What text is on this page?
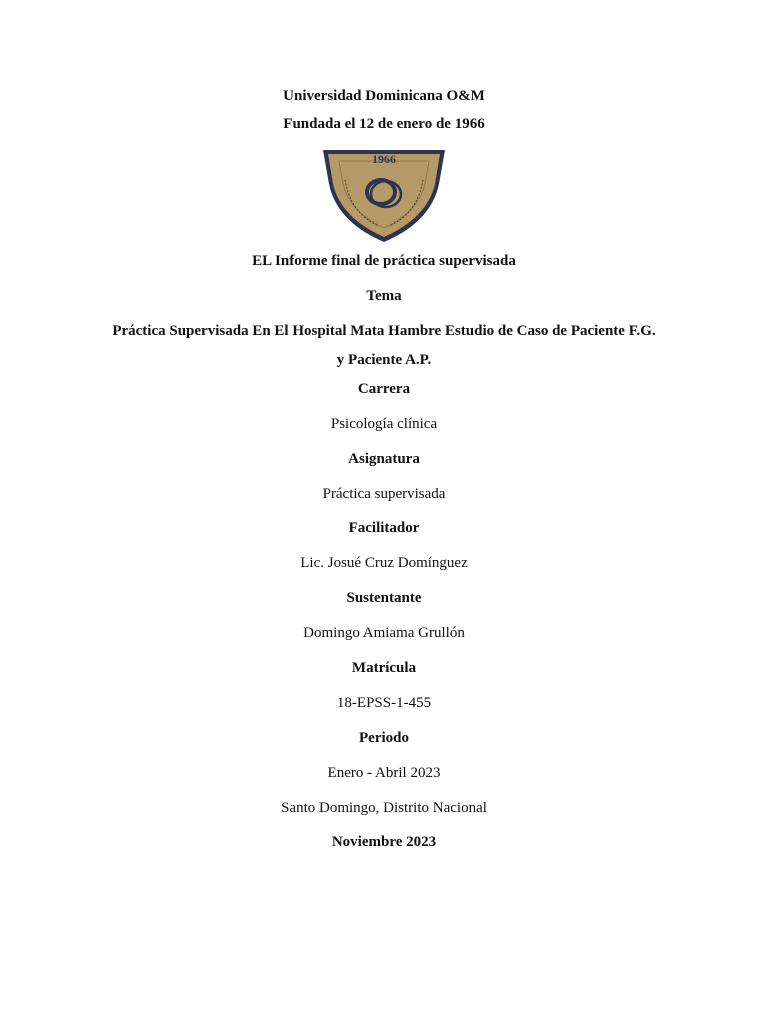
Universidad Dominicana O&M
Fundada el 12 de enero de 1966
1966
EL Informe final de práctica supervisada
Tema
Práctica Supervisada En El Hospital Mata Hambre Estudio de Caso de Paciente F.G.
y Paciente A.P.
Carrera
Psicología clínica
Asignatura
Práctica supervisada
Facilitador
Lic. Josué Cruz Domínguez
Sustentante
Domingo Amiama Grullón
Matrícula
18-EPSS-1-455
Periodo
Enero - Abril 2023
Santo Domingo, Distrito Nacional
Noviembre 2023
